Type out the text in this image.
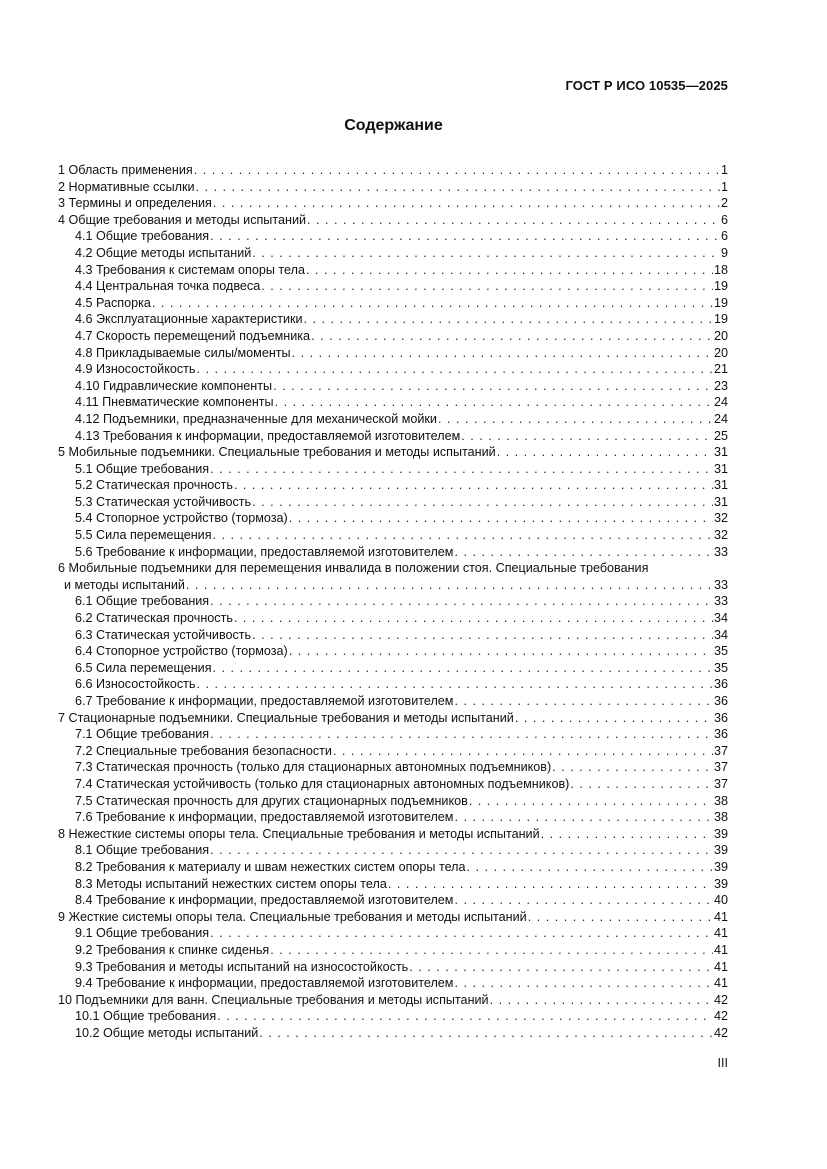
ГОСТ Р ИСО 10535—2025
Содержание
1 Область применения . . .	1
2 Нормативные ссылки . . .	1
3 Термины и определения . . .	2
4 Общие требования и методы испытаний . . .	6
4.1 Общие требования . . .	6
4.2 Общие методы испытаний . . .	9
4.3 Требования к системам опоры тела . . .	18
4.4 Центральная точка подвеса . . .	19
4.5 Распорка . . .	19
4.6 Эксплуатационные характеристики . . .	19
4.7 Скорость перемещений подъемника . . .	20
4.8 Прикладываемые силы/моменты . . .	20
4.9 Износостойкость . . .	21
4.10 Гидравлические компоненты . . .	23
4.11 Пневматические компоненты . . .	24
4.12 Подъемники, предназначенные для механической мойки . . .	24
4.13 Требования к информации, предоставляемой изготовителем . . .	25
5 Мобильные подъемники. Специальные требования и методы испытаний . . .	31
5.1 Общие требования . . .	31
5.2 Статическая прочность . . .	31
5.3 Статическая устойчивость . . .	31
5.4 Стопорное устройство (тормоза) . . .	32
5.5 Сила перемещения . . .	32
5.6 Требование к информации, предоставляемой изготовителем . . .	33
6 Мобильные подъемники для перемещения инвалида в положении стоя. Специальные требования
и методы испытаний . . .	33
6.1 Общие требования . . .	33
6.2 Статическая прочность . . .	34
6.3 Статическая устойчивость . . .	34
6.4 Стопорное устройство (тормоза) . . .	35
6.5 Сила перемещения . . .	35
6.6 Износостойкость . . .	36
6.7 Требование к информации, предоставляемой изготовителем . . .	36
7 Стационарные подъемники. Специальные требования и методы испытаний . . .	36
7.1 Общие требования . . .	36
7.2 Специальные требования безопасности . . .	37
7.3 Статическая прочность (только для стационарных автономных подъемников) . . .	37
7.4 Статическая устойчивость (только для стационарных автономных подъемников) . . .	37
7.5 Статическая прочность для других стационарных подъемников . . .	38
7.6 Требование к информации, предоставляемой изготовителем . . .	38
8 Нежесткие системы опоры тела. Специальные требования и методы испытаний . . .	39
8.1 Общие требования . . .	39
8.2 Требования к материалу и швам нежестких систем опоры тела . . .	39
8.3 Методы испытаний нежестких систем опоры тела . . .	39
8.4 Требование к информации, предоставляемой изготовителем . . .	40
9 Жесткие системы опоры тела. Специальные требования и методы испытаний . . .	41
9.1 Общие требования . . .	41
9.2 Требования к спинке сиденья . . .	41
9.3 Требования и методы испытаний на износостойкость . . .	41
9.4 Требование к информации, предоставляемой изготовителем . . .	41
10 Подъемники для ванн. Специальные требования и методы испытаний . . .	42
10.1 Общие требования . . .	42
10.2 Общие методы испытаний . . .	42
III
